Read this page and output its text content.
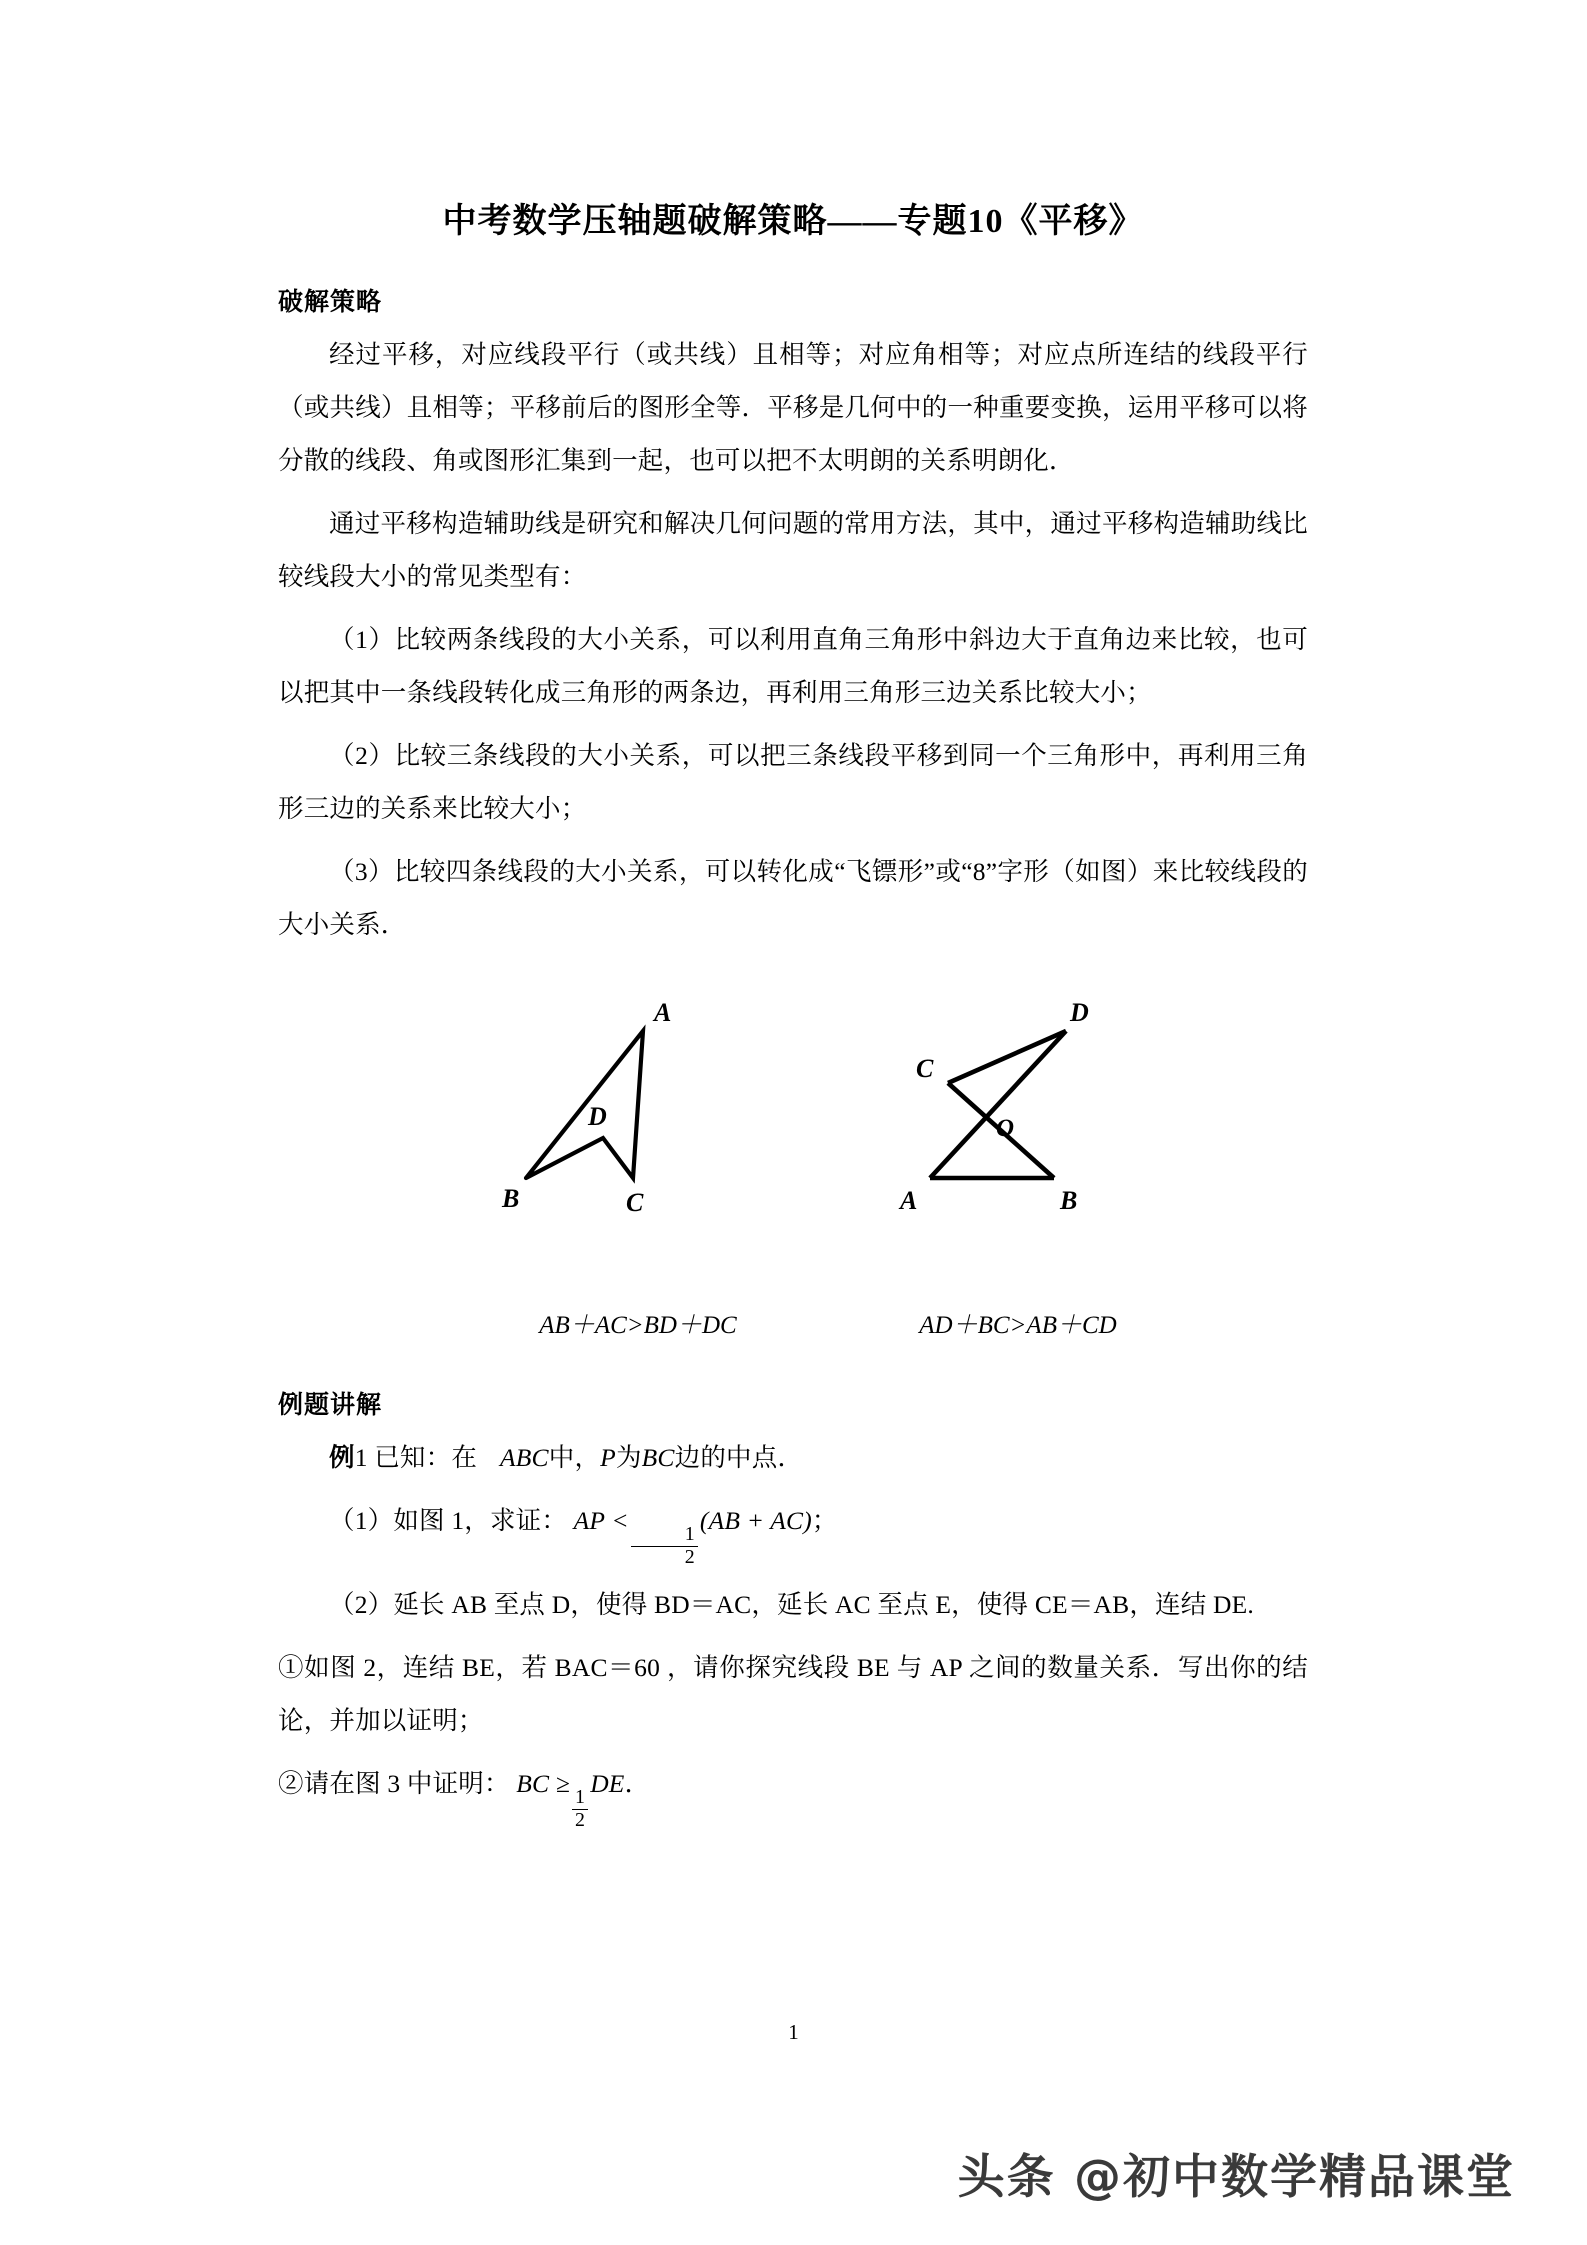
中考数学压轴题破解策略——专题10《平移》
破解策略

经过平移，对应线段平行（或共线）且相等；对应角相等；对应点所连结的线段平行（或共线）且相等；平移前后的图形全等．平移是几何中的一种重要变换，运用平移可以将分散的线段、角或图形汇集到一起，也可以把不太明朗的关系明朗化．

通过平移构造辅助线是研究和解决几何问题的常用方法，其中，通过平移构造辅助线比较线段大小的常见类型有：

（1）比较两条线段的大小关系，可以利用直角三角形中斜边大于直角边来比较，也可以把其中一条线段转化成三角形的两条边，再利用三角形三边关系比较大小；

（2）比较三条线段的大小关系，可以把三条线段平移到同一个三角形中，再利用三角形三边的关系来比较大小；

（3）比较四条线段的大小关系，可以转化成“飞镖形”或“8”字形（如图）来比较线段的大小关系．

A
B	C
D
D
C
O
A	B
AB＋AC>BD＋DC	AD＋BC>AB＋CD
例题讲解

例1 已知：在 ABC中，P为BC边的中点．

（1）如图 1，求证： AP <
$\frac{1}{2}$
(AB + AC)；

（2）延长 AB 至点 D，使得 BD＝AC，延长 AC 至点 E，使得 CE＝AB，连结 DE.

①如图 2，连结 BE，若 BAC＝60 ，请你探究线段 BE 与 AP 之间的数量关系．写出你的结论，并加以证明；

②请在图 3 中证明： BC ≥
$\frac{1}{2}$
DE．

1
头条 @初中数学精品课堂
